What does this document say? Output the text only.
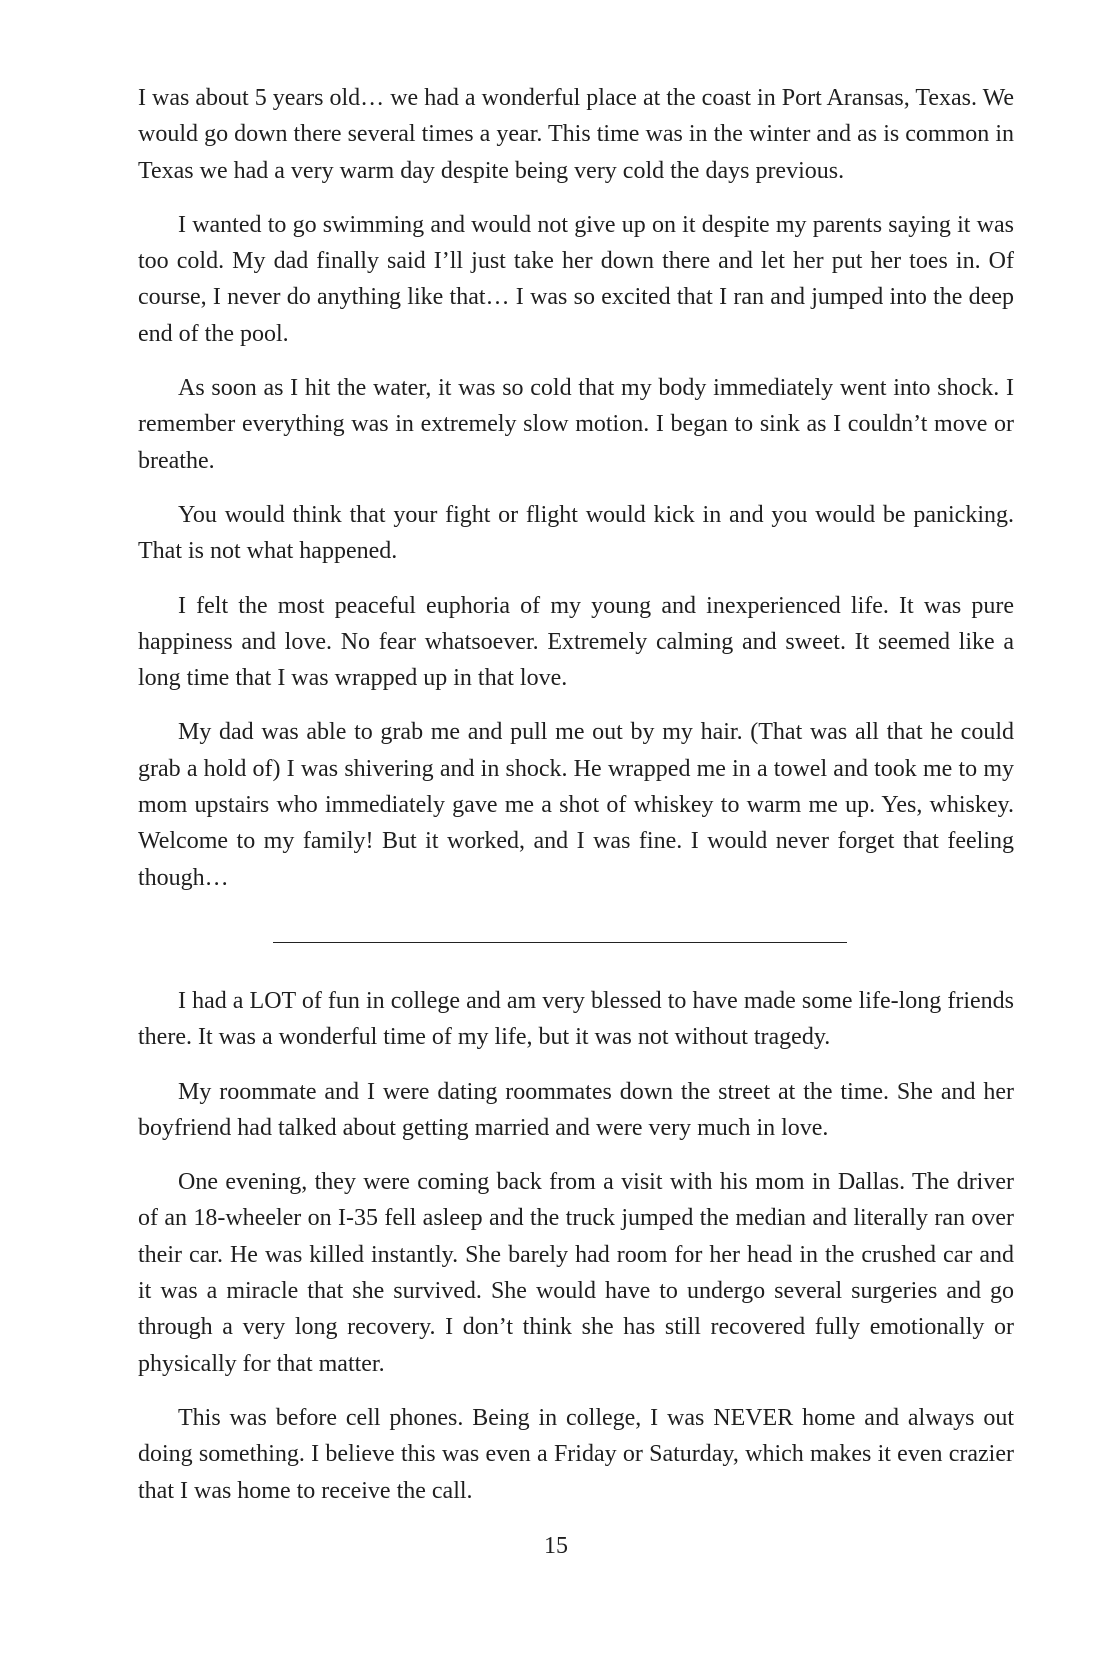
I was about 5 years old… we had a wonderful place at the coast in Port Aransas, Texas. We would go down there several times a year. This time was in the winter and as is common in Texas we had a very warm day despite being very cold the days previous.

I wanted to go swimming and would not give up on it despite my parents saying it was too cold. My dad finally said I’ll just take her down there and let her put her toes in. Of course, I never do anything like that… I was so excited that I ran and jumped into the deep end of the pool.

As soon as I hit the water, it was so cold that my body immediately went into shock. I remember everything was in extremely slow motion. I began to sink as I couldn’t move or breathe.

You would think that your fight or flight would kick in and you would be panicking. That is not what happened.

I felt the most peaceful euphoria of my young and inexperienced life. It was pure happiness and love. No fear whatsoever. Extremely calming and sweet. It seemed like a long time that I was wrapped up in that love.

My dad was able to grab me and pull me out by my hair. (That was all that he could grab a hold of) I was shivering and in shock. He wrapped me in a towel and took me to my mom upstairs who immediately gave me a shot of whiskey to warm me up. Yes, whiskey. Welcome to my family! But it worked, and I was fine. I would never forget that feeling though…

I had a LOT of fun in college and am very blessed to have made some life-long friends there. It was a wonderful time of my life, but it was not without tragedy.

My roommate and I were dating roommates down the street at the time. She and her boyfriend had talked about getting married and were very much in love.

One evening, they were coming back from a visit with his mom in Dallas. The driver of an 18-wheeler on I-35 fell asleep and the truck jumped the median and literally ran over their car. He was killed instantly. She barely had room for her head in the crushed car and it was a miracle that she survived. She would have to undergo several surgeries and go through a very long recovery. I don’t think she has still recovered fully emotionally or physically for that matter.

This was before cell phones. Being in college, I was NEVER home and always out doing something. I believe this was even a Friday or Saturday, which makes it even crazier that I was home to receive the call.

15
